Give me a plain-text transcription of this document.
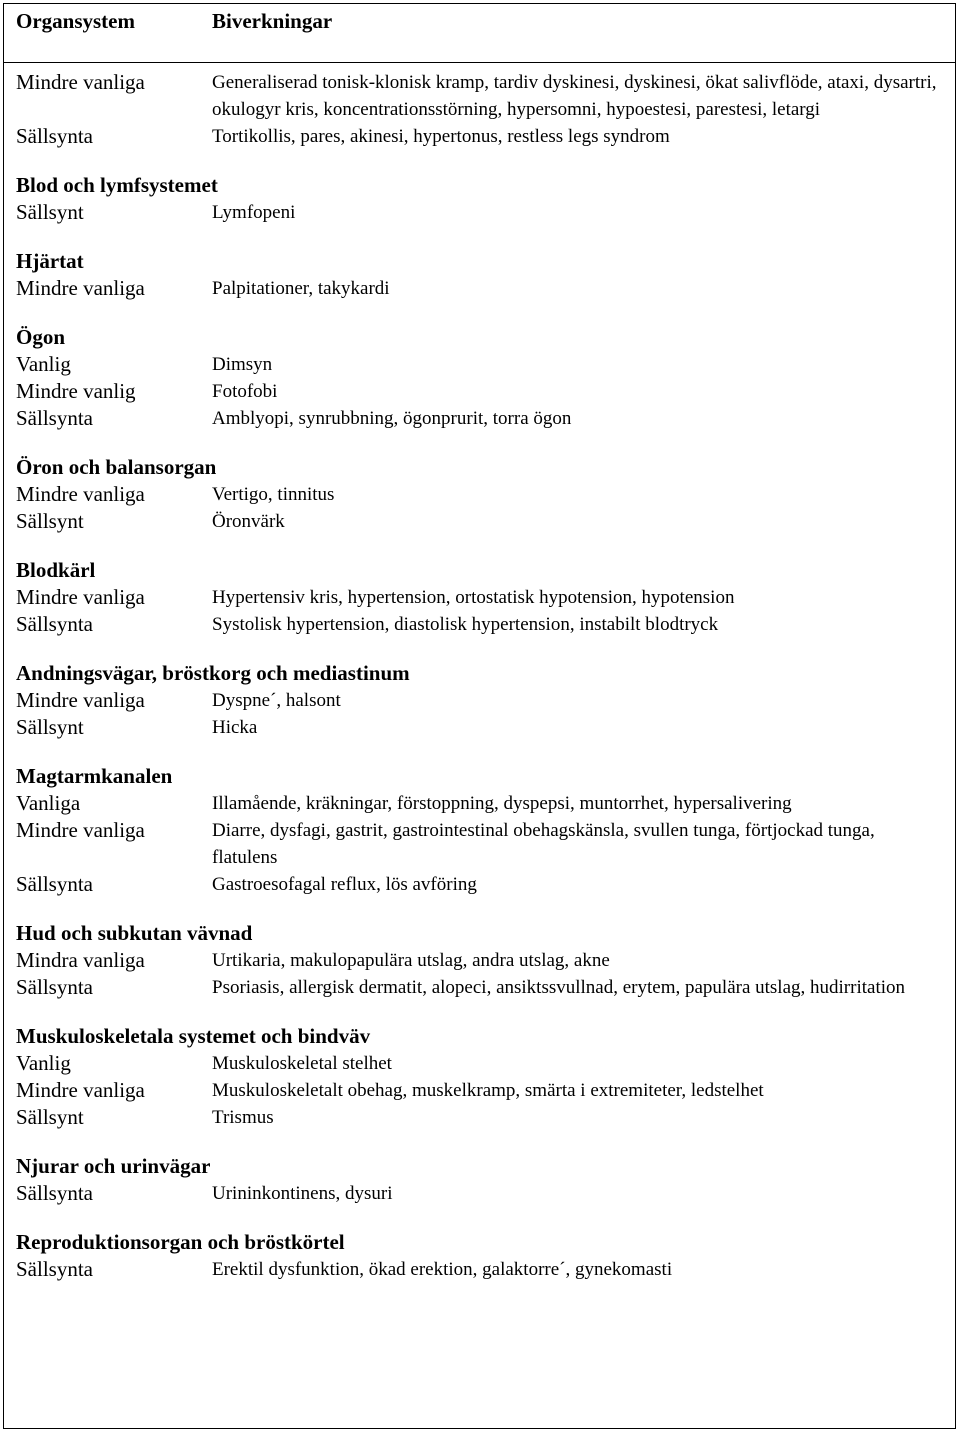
Organsystem	Biverkningar
Mindre vanliga	Generaliserad tonisk-klonisk kramp, tardiv dyskinesi, dyskinesi, ökat salivflöde, ataxi, dysartri, okulogyr kris, koncentrationsstörning, hypersomni, hypoestesi, parestesi, letargi
Sällsynta	Tortikollis, pares, akinesi, hypertonus, restless legs syndrom
Blod och lymfsystemet
Sällsynt	Lymfopeni
Hjärtat
Mindre vanliga	Palpitationer, takykardi
Ögon
Vanlig	Dimsyn
Mindre vanlig	Fotofobi
Sällsynta	Amblyopi, synrubbning, ögonprurit, torra ögon
Öron och balansorgan
Mindre vanliga	Vertigo, tinnitus
Sällsynt	Öronvärk
Blodkärl
Mindre vanliga	Hypertensiv kris, hypertension, ortostatisk hypotension, hypotension
Sällsynta	Systolisk hypertension, diastolisk hypertension, instabilt blodtryck
Andningsvägar, bröstkorg och mediastinum
Mindre vanliga	Dyspne´, halsont
Sällsynt	Hicka
Magtarmkanalen
Vanliga	Illamående, kräkningar, förstoppning, dyspepsi, muntorrhet, hypersalivering
Mindre vanliga	Diarre, dysfagi, gastrit, gastrointestinal obehagskänsla, svullen tunga, förtjockad tunga, flatulens
Sällsynta	Gastroesofagal reflux, lös avföring
Hud och subkutan vävnad
Mindra vanliga	Urtikaria, makulopapulära utslag, andra utslag, akne
Sällsynta	Psoriasis, allergisk dermatit, alopeci, ansiktssvullnad, erytem, papulära utslag, hudirritation
Muskuloskeletala systemet och bindväv
Vanlig	Muskuloskeletal stelhet
Mindre vanliga	Muskuloskeletalt obehag, muskelkramp, smärta i extremiteter, ledstelhet
Sällsynt	Trismus
Njurar och urinvägar
Sällsynta	Urininkontinens, dysuri
Reproduktionsorgan och bröstkörtel
Sällsynta	Erektil dysfunktion, ökad erektion, galaktorre´, gynekomasti
